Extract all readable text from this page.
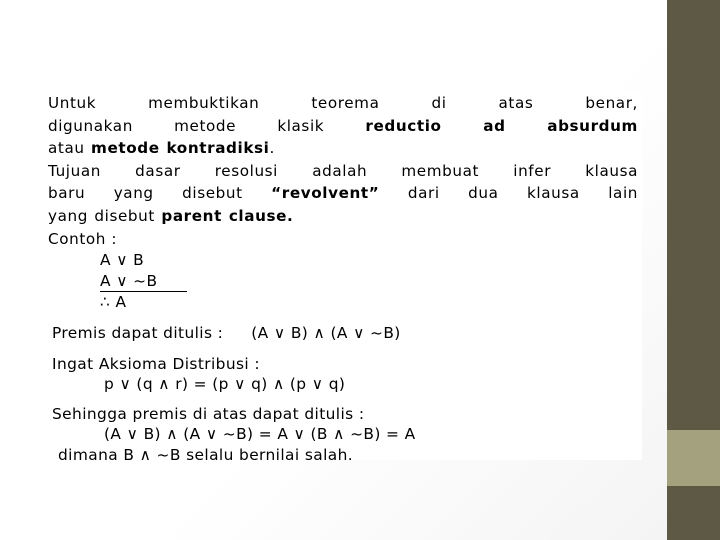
Untuk membuktikan teorema di atas benar,
digunakan metode klasik reductio ad absurdum
atau metode kontradiksi.
Tujuan dasar resolusi adalah membuat infer klausa
baru yang disebut “revolvent” dari dua klausa lain
yang disebut parent clause.
Contoh :
A ∨ B
A ∨ ~B
∴ A
Premis dapat ditulis : (A ∨ B) ∧ (A ∨ ~B)
Ingat Aksioma Distribusi :
p ∨ (q ∧ r) = (p ∨ q) ∧ (p ∨ q)
Sehingga premis di atas dapat ditulis :
(A ∨ B) ∧ (A ∨ ~B) = A ∨ (B ∧ ~B) = A
dimana B ∧ ~B selalu bernilai salah.
